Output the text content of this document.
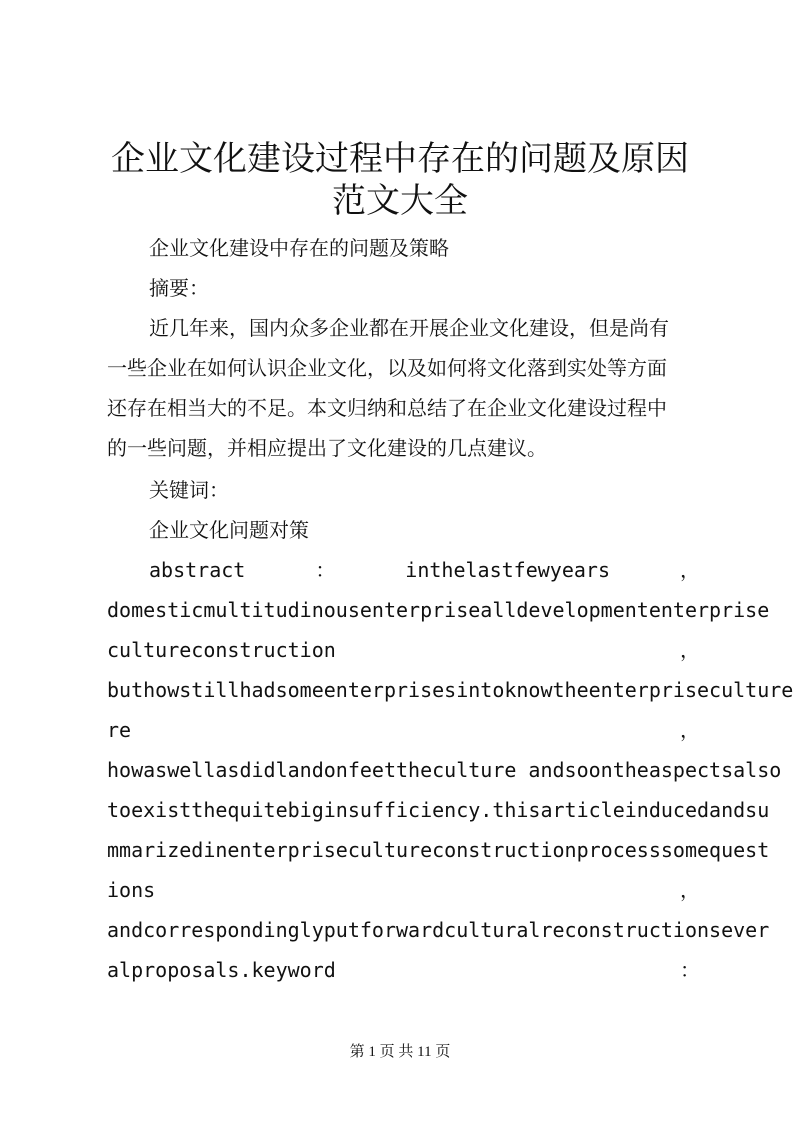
企业文化建设过程中存在的问题及原因范文大全

企业文化建设中存在的问题及策略

摘要：

近几年来，国内众多企业都在开展企业文化建设，但是尚有

一些企业在如何认识企业文化，以及如何将文化落到实处等方面

还存在相当大的不足。本文归纳和总结了在企业文化建设过程中

的一些问题，并相应提出了文化建设的几点建议。

关键词：

企业文化问题对策

abstract	：	inthelastfewyears	，

domesticmultitudinousenterprisealldevelopmententerprise

cultureconstruction	，

buthowstillhadsomeenterprisesintoknowtheenterpriseculture

re	，

howaswellasdidlandonfeettheculture andsoontheaspectsalso

toexistthequitebiginsufficiency.thisarticleinducedandsu

mmarizedinenterprisecultureconstructionprocesssomequest

ions	，

andcorrespondinglyputforwardculturalreconstructionsever

alproposals.keyword	：
第 1 页 共 11 页
